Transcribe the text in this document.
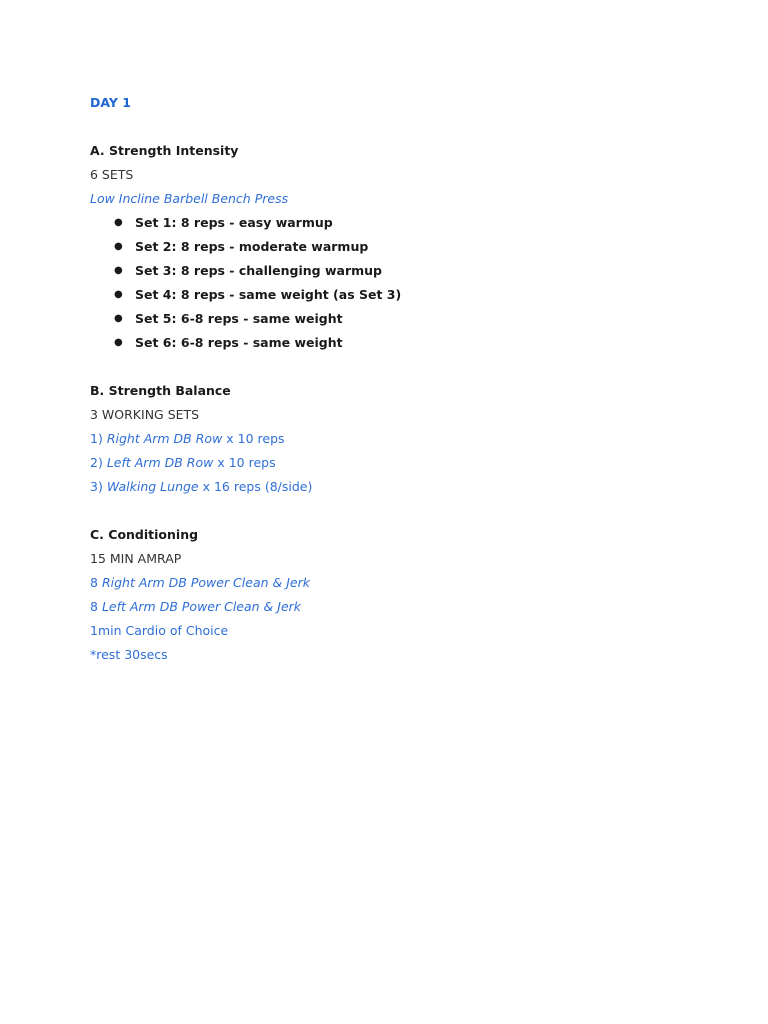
DAY 1
A. Strength Intensity
6 SETS
Low Incline Barbell Bench Press
● Set 1: 8 reps - easy warmup
● Set 2: 8 reps - moderate warmup
● Set 3: 8 reps - challenging warmup
● Set 4: 8 reps - same weight (as Set 3)
● Set 5: 6-8 reps - same weight
● Set 6: 6-8 reps - same weight
B. Strength Balance
3 WORKING SETS
1) Right Arm DB Row x 10 reps
2) Left Arm DB Row x 10 reps
3) Walking Lunge x 16 reps (8/side)
C. Conditioning
15 MIN AMRAP
8 Right Arm DB Power Clean & Jerk
8 Left Arm DB Power Clean & Jerk
1min Cardio of Choice
*rest 30secs
